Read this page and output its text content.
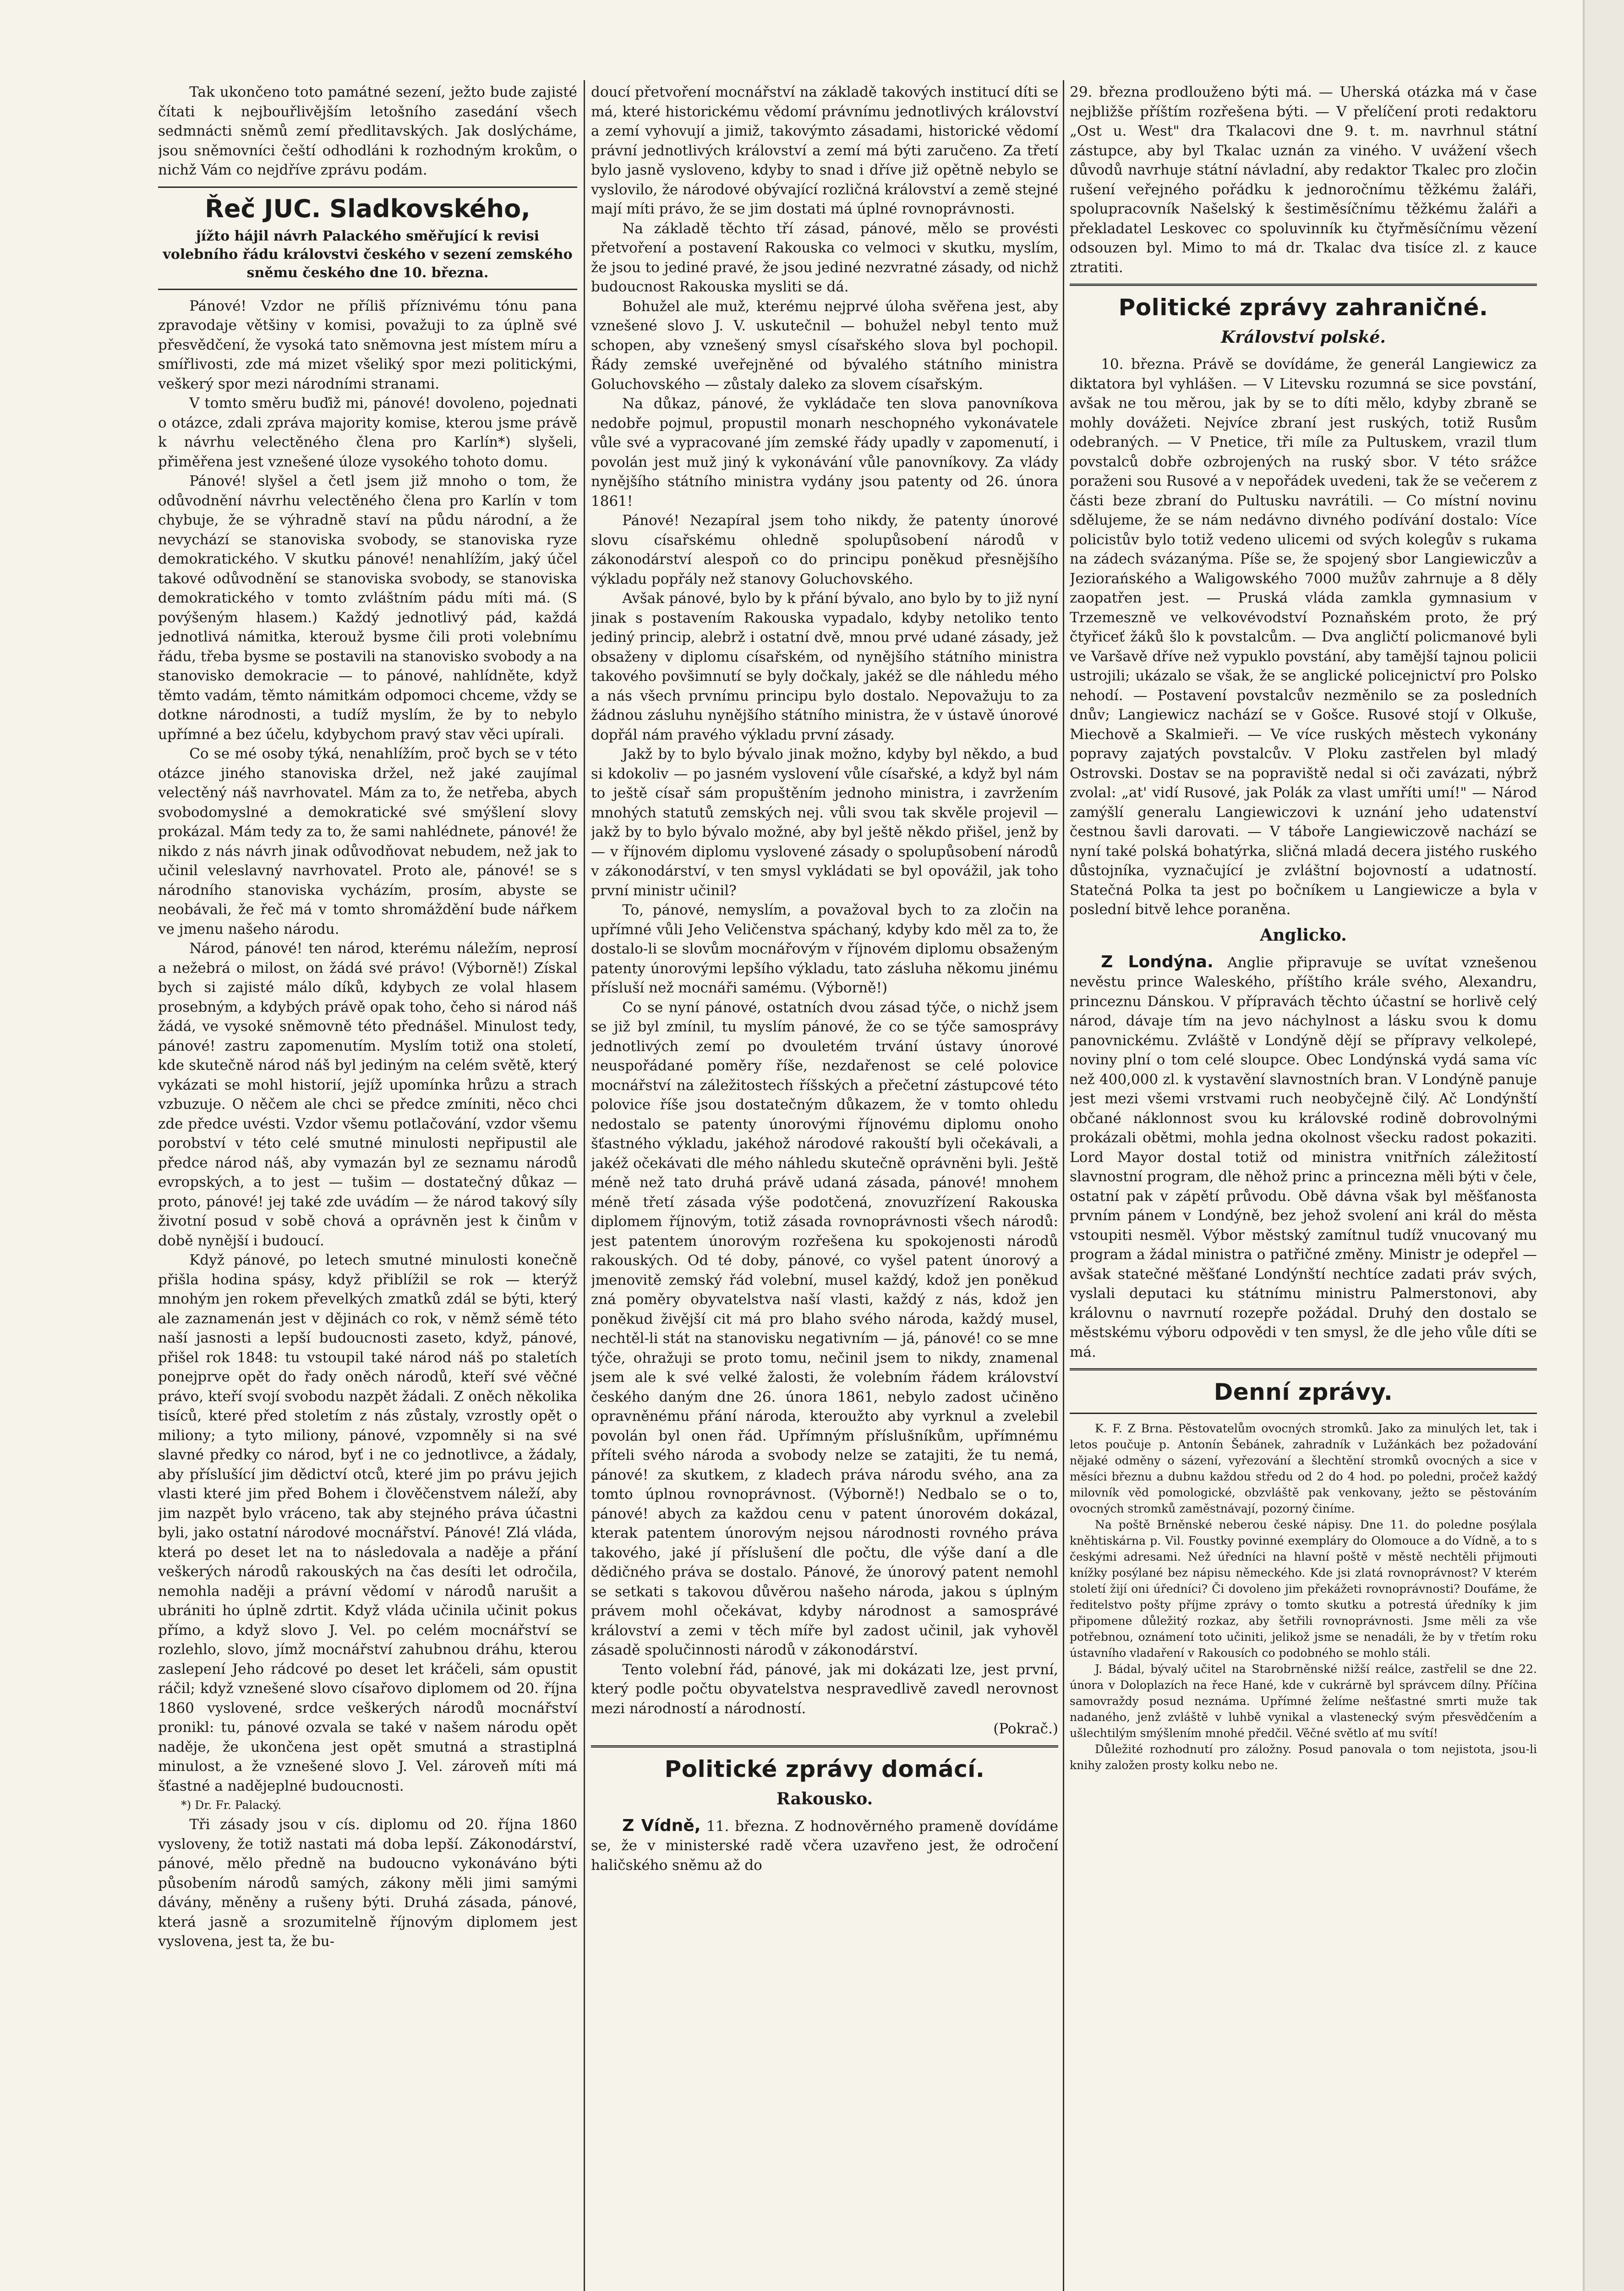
Tak ukončeno toto památné sezení, ježto bude zajisté čítati k nejbouřlivějším letošního zasedání všech sedmnácti sněmů zemí předlitavských. Jak doslýcháme, jsou sněmovníci čeští odhodláni k rozhodným krokům, o nichž Vám co nejdříve zprávu podám.

Řeč JUC. Sladkovského,
jížto hájil návrh Palackého směřující k revisi volebního řádu královstvi českého v sezení zemského sněmu českého dne 10. března.

Pánové! Vzdor ne příliš příznivému tónu pana zpravodaje většiny v komisi, považuji to za úplně své přesvědčení, že vysoká tato sněmovna jest místem míru a smířlivosti, zde má mizet všeliký spor mezi politickými, veškerý spor mezi národními stranami.

V tomto směru buďiž mi, pánové! dovoleno, pojednati o otázce, zdali zpráva majority komise, kterou jsme právě k návrhu velectěného člena pro Karlín*) slyšeli, přiměřena jest vznešené úloze vysokého tohoto domu.

Pánové! slyšel a četl jsem již mnoho o tom, že odůvodnění návrhu velectěného člena pro Karlín v tom chybuje, že se výhradně staví na půdu národní, a že nevychází se stanoviska svobody, se stanoviska ryze demokratického. V skutku pánové! nenahlížím, jaký účel takové odůvodnění se stanoviska svobody, se stanoviska demokratického v tomto zvláštním pádu míti má. (S povýšeným hlasem.) Každý jednotlivý pád, každá jednotlivá námitka, kterouž bysme čili proti volebnímu řádu, třeba bysme se postavili na stanovisko svobody a na stanovisko demokracie — to pánové, nahlídněte, když těmto vadám, těmto námitkám odpomoci chceme, vždy se dotkne národnosti, a tudíž myslím, že by to nebylo upřímné a bez účelu, kdybychom pravý stav věci upírali.

Co se mé osoby týká, nenahlížím, proč bych se v této otázce jiného stanoviska držel, než jaké zaujímal velectěný náš navrhovatel. Mám za to, že netřeba, abych svobodomyslné a demokratické své smýšlení slovy prokázal. Mám tedy za to, že sami nahlédnete, pánové! že nikdo z nás návrh jinak odůvodňovat nebudem, než jak to učinil veleslavný navrhovatel. Proto ale, pánové! se s národního stanoviska vycházím, prosím, abyste se neobávali, že řeč má v tomto shromáždění bude nářkem ve jmenu našeho národu.

Národ, pánové! ten národ, kterému náležím, neprosí a nežebrá o milost, on žádá své právo! (Výborně!) Získal bych si zajisté málo díků, kdybych ze volal hlasem prosebným, a kdybých právě opak toho, čeho si národ náš žádá, ve vysoké sněmovně této přednášel. Minulost tedy, pánové! zastru zapomenutím. Myslím totiž ona století, kde skutečně národ náš byl jediným na celém světě, který vykázati se mohl historií, jejíž upomínka hrůzu a strach vzbuzuje. O něčem ale chci se předce zmíniti, něco chci zde předce uvésti. Vzdor všemu potlačování, vzdor všemu porobství v této celé smutné minulosti nepřipustil ale předce národ náš, aby vymazán byl ze seznamu národů evropských, a to jest — tušim — dostatečný důkaz — proto, pánové! jej také zde uvádím — že národ takový síly životní posud v sobě chová a oprávněn jest k činům v době nynější i budoucí.

Když pánové, po letech smutné minulosti konečně přišla hodina spásy, když přiblížil se rok — kterýž mnohým jen rokem převelkých zmatků zdál se býti, který ale zaznamenán jest v dějinách co rok, v němž sémě této naší jasnosti a lepší budoucnosti zaseto, když, pánové, přišel rok 1848: tu vstoupil také národ náš po staletích ponejprve opět do řady oněch národů, kteří své věčné právo, kteří svojí svobodu nazpět žádali. Z oněch několika tisíců, které před stoletím z nás zůstaly, vzrostly opět o miliony; a tyto miliony, pánové, vzpomněly si na své slavné předky co národ, byť i ne co jednotlivce, a žádaly, aby příslušící jim dědictví otců, které jim po právu jejich vlasti které jim před Bohem i člověčenstvem náleží, aby jim nazpět bylo vráceno, tak aby stejného práva účastni byli, jako ostatní národové mocnářství. Pánové! Zlá vláda, která po deset let na to následovala a naděje a přání veškerých národů rakouských na čas desíti let odročila, nemohla naději a právní vědomí v národů narušit a ubrániti ho úplně zdrtit. Když vláda učinila učinit pokus přímo, a když slovo J. Vel. po celém mocnářství se rozlehlo, slovo, jímž mocnářství zahubnou dráhu, kterou zaslepení Jeho rádcové po deset let kráčeli, sám opustit ráčil; když vznešené slovo císařovo diplomem od 20. října 1860 vyslovené, srdce veškerých národů mocnářství pronikl: tu, pánové ozvala se také v našem národu opět naděje, že ukončena jest opět smutná a strastiplná minulost, a že vznešené slovo J. Vel. zároveň míti má šťastné a nadějeplné budoucnosti.

*) Dr. Fr. Palacký.

Tři zásady jsou v cís. diplomu od 20. října 1860 vysloveny, že totiž nastati má doba lepší. Zákonodárství, pánové, mělo předně na budoucno vykonáváno býti působením národů samých, zákony měli jimi samými dávány, měněny a rušeny býti. Druhá zásada, pánové, která jasně a srozumitelně říjnovým diplomem jest vyslovena, jest ta, že bu-

doucí přetvoření mocnářství na základě takových institucí díti se má, které historickému vědomí právnímu jednotlivých království a zemí vyhovují a jimiž, takovýmto zásadami, historické vědomí právní jednotlivých království a zemí má býti zaručeno. Za třetí bylo jasně vysloveno, kdyby to snad i dříve již opětně nebylo se vyslovilo, že národové obývající rozličná království a země stejné mají míti právo, že se jim dostati má úplné rovnoprávnosti.

Na základě těchto tří zásad, pánové, mělo se provésti přetvoření a postavení Rakouska co velmoci v skutku, myslím, že jsou to jediné pravé, že jsou jediné nezvratné zásady, od nichž budoucnost Rakouska mysliti se dá.

Bohužel ale muž, kterému nejprvé úloha svěřena jest, aby vznešené slovo J. V. uskutečnil — bohužel nebyl tento muž schopen, aby vznešený smysl císařského slova byl pochopil. Řády zemské uveřejněné od bývalého státního ministra Goluchovského — zůstaly daleko za slovem císařským.

Na důkaz, pánové, že vykládače ten slova panovníkova nedobře pojmul, propustil monarh neschopného vykonávatele vůle své a vypracované jím zemské řády upadly v zapomenutí, i povolán jest muž jiný k vykonávání vůle panovníkovy. Za vlády nynějšího státního ministra vydány jsou patenty od 26. února 1861!

Pánové! Nezapíral jsem toho nikdy, že patenty únorové slovu císařskému ohledně spolupůsobení národů v zákonodárství alespoň co do principu poněkud přesnějšího výkladu popřály než stanovy Goluchovského.

Avšak pánové, bylo by k přání bývalo, ano bylo by to již nyní jinak s postavením Rakouska vypadalo, kdyby netoliko tento jediný princip, alebrž i ostatní dvě, mnou prvé udané zásady, jež obsaženy v diplomu císařském, od nynějšího státního ministra takového povšimnutí se byly dočkaly, jakéž se dle náhledu mého a nás všech prvnímu principu bylo dostalo. Nepovažuju to za žádnou zásluhu nynějšího státního ministra, že v ústavě únorové dopřál nám pravého výkladu první zásady.

Jakž by to bylo bývalo jinak možno, kdyby byl někdo, a bud si kdokoliv — po jasném vyslovení vůle císařské, a když byl nám to ještě císař sám propuštěním jednoho ministra, i zavržením mnohých statutů zemských nej. vůli svou tak skvěle projevil — jakž by to bylo bývalo možné, aby byl ještě někdo přišel, jenž by — v říjnovém diplomu vyslovené zásady o spolupůsobení národů v zákonodárství, v ten smysl vykládati se byl opovážil, jak toho první ministr učinil?

To, pánové, nemyslím, a považoval bych to za zločin na upřímné vůli Jeho Veličenstva spáchaný, kdyby kdo měl za to, že dostalo-li se slovům mocnářovým v říjnovém diplomu obsaženým patenty únorovými lepšího výkladu, tato zásluha někomu jinému přísluší než mocnáři samému. (Výborně!)

Co se nyní pánové, ostatních dvou zásad týče, o nichž jsem se již byl zmínil, tu myslím pánové, že co se týče samosprávy jednotlivých zemí po dvouletém trvání ústavy únorové neuspořádané poměry říše, nezdařenost se celé polovice mocnářství na záležitostech říšských a přečetní zástupcové této polovice říše jsou dostatečným důkazem, že v tomto ohledu nedostalo se patenty únorovými říjnovému diplomu onoho šťastného výkladu, jakéhož národové rakouští byli očekávali, a jakéž očekávati dle mého náhledu skutečně oprávněni byli. Ještě méně než tato druhá právě udaná zásada, pánové! mnohem méně třetí zásada výše podotčená, znovuzřízení Rakouska diplomem říjnovým, totiž zásada rovnoprávnosti všech národů: jest patentem únorovým rozřešena ku spokojenosti národů rakouských. Od té doby, pánové, co vyšel patent únorový a jmenovitě zemský řád volební, musel každý, kdož jen poněkud zná poměry obyvatelstva naší vlasti, každý z nás, kdož jen poněkud živější cit má pro blaho svého národa, každý musel, nechtěl-li stát na stanovisku negativním — já, pánové! co se mne týče, ohražuji se proto tomu, nečinil jsem to nikdy, znamenal jsem ale k své velké žalosti, že volebním řádem království českého daným dne 26. února 1861, nebylo zadost učiněno opravněnému přání národa, kteroužto aby vyrknul a zvelebil povolán byl onen řád. Upřímným příslušníkům, upřímnému příteli svého národa a svobody nelze se zatajiti, že tu nemá, pánové! za skutkem, z kladech práva národu svého, ana za tomto úplnou rovnoprávnost. (Výborně!) Nedbalo se o to, pánové! abych za každou cenu v patent únorovém dokázal, kterak patentem únorovým nejsou národnosti rovného práva takového, jaké jí příslušení dle počtu, dle výše daní a dle dědičného práva se dostalo. Pánové, že únorový patent nemohl se setkati s takovou důvěrou našeho národa, jakou s úplným právem mohl očekávat, kdyby národnost a samosprávé království a zemi v těch míře byl zadost učinil, jak vyhověl zásadě spolučinnosti národů v zákonodárství.

Tento volební řád, pánové, jak mi dokázati lze, jest první, který podle počtu obyvatelstva nespravedlivě zavedl nerovnost mezi národností a národností.

(Pokrač.)
Politické zprávy domácí.
Rakousko.

Z Vídně, 11. března. Z hodnověrného prameně dovídáme se, že v ministerské radě včera uzavřeno jest, že odročení haličského sněmu až do

29. března prodlouženo býti má. — Uherská otázka má v čase nejbližše příštím rozřešena býti. — V přelíčení proti redaktoru „Ost u. West" dra Tkalacovi dne 9. t. m. navrhnul státní zástupce, aby byl Tkalac uznán za viného. V uvážení všech důvodů navrhuje státní návladní, aby redaktor Tkalec pro zločin rušení veřejného pořádku k jednoročnímu těžkému žaláři, spolupracovník Našelský k šestiměsíčnímu těžkému žaláři a překladatel Leskovec co spoluvinník ku čtyřměsíčnímu vězení odsouzen byl. Mimo to má dr. Tkalac dva tisíce zl. z kauce ztratiti.

Politické zprávy zahraničné.
Království polské.

10. března. Právě se dovídáme, že generál Langiewicz za diktatora byl vyhlášen. — V Litevsku rozumná se sice povstání, avšak ne tou měrou, jak by se to díti mělo, kdyby zbraně se mohly dovážeti. Nejvíce zbraní jest ruských, totiž Rusům odebraných. — V Pnetice, tři míle za Pultuskem, vrazil tlum povstalců dobře ozbrojených na ruský sbor. V této srážce poraženi sou Rusové a v nepořádek uvedeni, tak že se večerem z části beze zbraní do Pultusku navrátili. — Co místní novinu sdělujeme, že se nám nedávno divného podívání dostalo: Více policistův bylo totiž vedeno ulicemi od svých kolegův s rukama na zádech svázanýma. Píše se, že spojený sbor Langiewiczův a Jeziorańského a Waligowského 7000 mužův zahrnuje a 8 děly zaopatřen jest. — Pruská vláda zamkla gymnasium v Trzemeszně ve velkovévodství Poznaňském proto, že prý čtyřiceť žáků šlo k povstalcům. — Dva angličtí policmanové byli ve Varšavě dříve než vypuklo povstání, aby tamější tajnou policii ustrojili; ukázalo se však, že se anglické policejnictví pro Polsko nehodí. — Postavení povstalcův nezměnilo se za posledních dnův; Langiewicz nachází se v Gošce. Rusové stojí v Olkuše, Miechově a Skalmieři. — Ve více ruských městech vykonány popravy zajatých povstalcův. V Ploku zastřelen byl mladý Ostrovski. Dostav se na popraviště nedal si oči zavázati, nýbrž zvolal: „at' vidí Rusové, jak Polák za vlast umříti umí!" — Národ zamýšlí generalu Langiewiczovi k uznání jeho udatenství čestnou šavli darovati. — V táboře Langiewiczově nachází se nyní také polská bohatýrka, sličná mladá decera jistého ruského důstojníka, vyznačující je zvláštní bojovností a udatností. Statečná Polka ta jest po bočníkem u Langiewicze a byla v poslední bitvě lehce poraněna.

Anglicko.

Z Londýna. Anglie připravuje se uvítat vznešenou nevěstu prince Waleského, příštího krále svého, Alexandru, princeznu Dánskou. V přípravách těchto účastní se horlivě celý národ, dávaje tím na jevo náchylnost a lásku svou k domu panovnickému. Zvláště v Londýně dějí se přípravy velkolepé, noviny plní o tom celé sloupce. Obec Londýnská vydá sama víc než 400,000 zl. k vystavění slavnostních bran. V Londýně panuje jest mezi všemi vrstvami ruch neobyčejně čilý. Ač Londýnští občané náklonnost svou ku královské rodině dobrovolnými prokázali obětmi, mohla jedna okolnost všecku radost pokaziti. Lord Mayor dostal totiž od ministra vnitřních záležitostí slavnostní program, dle něhož princ a princezna měli býti v čele, ostatní pak v zápětí průvodu. Obě dávna však byl měšťanosta prvním pánem v Londýně, bez jehož svolení ani král do města vstoupiti nesměl. Výbor městský zamítnul tudíž vnucovaný mu program a žádal ministra o patřičné změny. Ministr je odepřel — avšak statečné měšťané Londýnští nechtíce zadati práv svých, vyslali deputaci ku státnímu ministru Palmerstonovi, aby královnu o navrnutí rozepře požádal. Druhý den dostalo se městskému výboru odpovědi v ten smysl, že dle jeho vůle díti se má.

Denní zprávy.

K. F. Z Brna. Pěstovatelům ovocných stromků. Jako za minulých let, tak i letos poučuje p. Antonín Šebánek, zahradník v Lužánkách bez požadování nějaké odměny o sázení, vyřezování a šlechtění stromků ovocných a sice v měsíci březnu a dubnu každou středu od 2 do 4 hod. po poledni, pročež každý milovník věd pomologické, obzvláště pak venkovany, ježto se pěstováním ovocných stromků zaměstnávají, pozorný činíme.

Na poště Brněnské neberou české nápisy. Dne 11. do poledne posýlala kněhtiskárna p. Vil. Foustky povinné exempláry do Olomouce a do Vídně, a to s českými adresami. Než úředníci na hlavní poště v městě nechtěli přijmouti knížky posýlané bez nápisu německého. Kde jsi zlatá rovnoprávnost? V kterém století žijí oni úředníci? Či dovoleno jim překážeti rovnoprávnosti? Doufáme, že ředitelstvo pošty příjme zprávy o tomto skutku a potrestá úředníky k jim připomene důležitý rozkaz, aby šetřili rovnoprávnosti. Jsme měli za vše potřebnou, oznámení toto učiniti, jelikož jsme se nenadáli, že by v třetím roku ústavního vladaření v Rakousích co podobného se mohlo stáli.

J. Bádal, bývalý učitel na Starobrněnské nižší reálce, zastřelil se dne 22. února v Doloplazích na řece Hané, kde v cukrárně byl správcem dílny. Příčina samovraždy posud neznáma. Upřímné želíme nešťastné smrti muže tak nadaného, jenž zvláště v luhbě vynikal a vlastenecký svým přesvědčením a ušlechtilým smýšlením mnohé předčil. Věčné světlo ať mu svítí!

Důležité rozhodnutí pro záložny. Posud panovala o tom nejistota, jsou-li knihy založen prosty kolku nebo ne.
